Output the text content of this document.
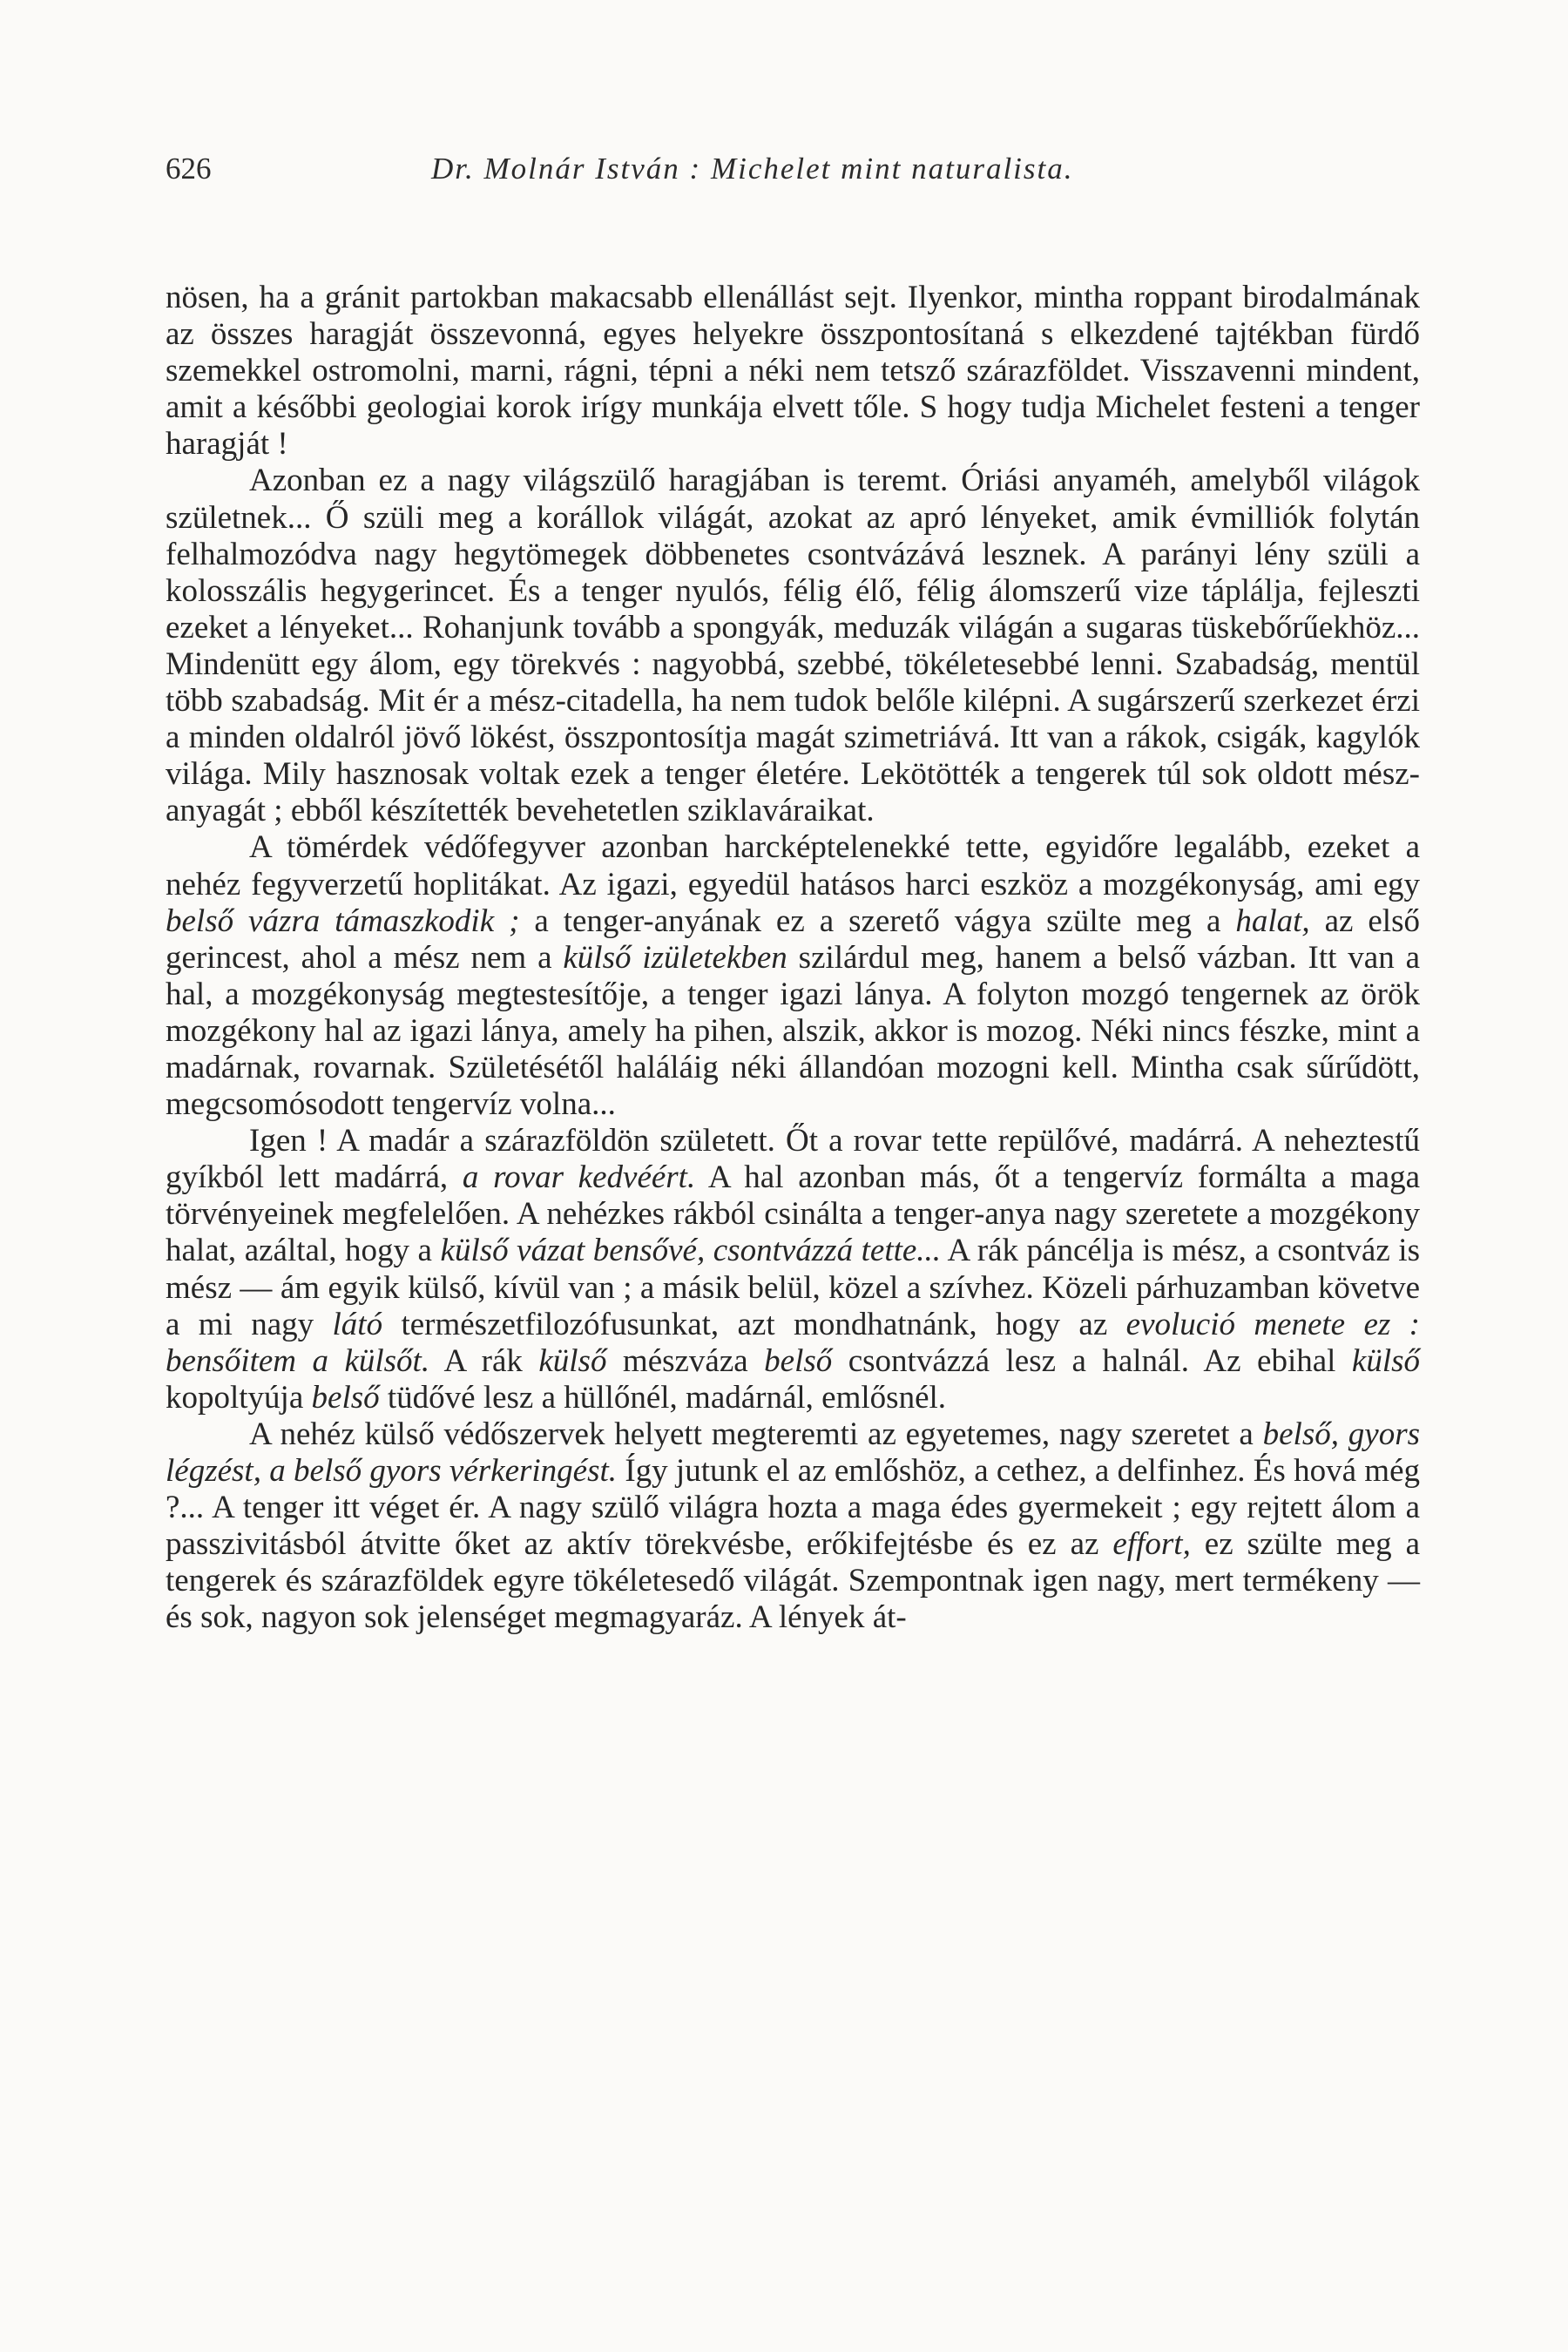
626	Dr. Molnár István : Michelet mint naturalista.

nösen, ha a gránit partokban makacsabb ellenállást sejt. Ilyenkor, mintha roppant birodalmának az összes haragját összevonná, egyes helyekre összpontosítaná s elkezdené tajtékban fürdő szemekkel ostromolni, marni, rágni, tépni a néki nem tetsző szárazföldet. Visszavenni mindent, amit a későbbi geologiai korok irígy munkája elvett tőle. S hogy tudja Michelet festeni a tenger haragját !

Azonban ez a nagy világszülő haragjában is teremt. Óriási anyaméh, amelyből világok születnek... Ő szüli meg a korállok világát, azokat az apró lényeket, amik évmilliók folytán felhalmozódva nagy hegytömegek döbbenetes csontvázává lesznek. A parányi lény szüli a kolosszális hegygerincet. És a tenger nyulós, félig élő, félig álomszerű vize táplálja, fejleszti ezeket a lényeket... Rohanjunk tovább a spongyák, meduzák világán a sugaras tüskebőrűekhöz... Mindenütt egy álom, egy törekvés : nagyobbá, szebbé, tökéletesebbé lenni. Szabadság, mentül több szabadság. Mit ér a mész-citadella, ha nem tudok belőle kilépni. A sugárszerű szerkezet érzi a minden oldalról jövő lökést, összpontosítja magát szimetriává. Itt van a rákok, csigák, kagylók világa. Mily hasznosak voltak ezek a tenger életére. Lekötötték a tengerek túl sok oldott mész-anyagát ; ebből készítették bevehetetlen sziklaváraikat.

A tömérdek védőfegyver azonban harcképtelenekké tette, egyidőre legalább, ezeket a nehéz fegyverzetű hoplitákat. Az igazi, egyedül hatásos harci eszköz a mozgékonyság, ami egy belső vázra támaszkodik ; a tenger-anyának ez a szerető vágya szülte meg a halat, az első gerincest, ahol a mész nem a külső izületekben szilárdul meg, hanem a belső vázban. Itt van a hal, a mozgékonyság megtestesítője, a tenger igazi lánya. A folyton mozgó tengernek az örök mozgékony hal az igazi lánya, amely ha pihen, alszik, akkor is mozog. Néki nincs fészke, mint a madárnak, rovarnak. Születésétől haláláig néki állandóan mozogni kell. Mintha csak sűrűdött, megcsomósodott tengervíz volna...

Igen ! A madár a szárazföldön született. Őt a rovar tette repülővé, madárrá. A neheztestű gyíkból lett madárrá, a rovar kedvéért. A hal azonban más, őt a tengervíz formálta a maga törvényeinek megfelelően. A nehézkes rákból csinálta a tenger-anya nagy szeretete a mozgékony halat, azáltal, hogy a külső vázat bensővé, csontvázzá tette... A rák páncélja is mész, a csontváz is mész — ám egyik külső, kívül van ; a másik belül, közel a szívhez. Közeli párhuzamban követve a mi nagy látó természetfilozófusunkat, azt mondhatnánk, hogy az evolució menete ez : bensőitem a külsőt. A rák külső mészváza belső csontvázzá lesz a halnál. Az ebihal külső kopoltyúja belső tüdővé lesz a hüllőnél, madárnál, emlősnél.

A nehéz külső védőszervek helyett megteremti az egyetemes, nagy szeretet a belső, gyors légzést, a belső gyors vérkeringést. Így jutunk el az emlőshöz, a cethez, a delfinhez. És hová még ?... A tenger itt véget ér. A nagy szülő világra hozta a maga édes gyermekeit ; egy rejtett álom a passzivitásból átvitte őket az aktív törekvésbe, erőkifejtésbe és ez az effort, ez szülte meg a tengerek és szárazföldek egyre tökéletesedő világát. Szempontnak igen nagy, mert termékeny — és sok, nagyon sok jelenséget megmagyaráz. A lények át-
